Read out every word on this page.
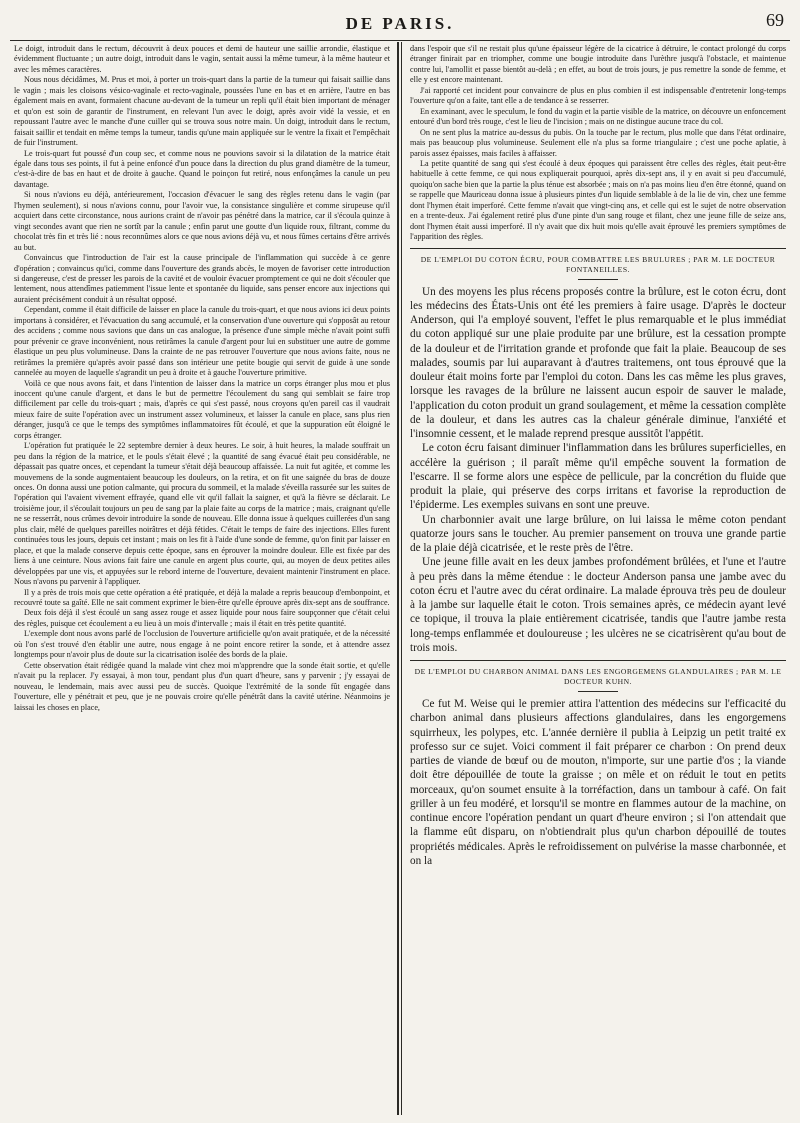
DE PARIS.	69

Le doigt, introduit dans le rectum, découvrit à deux pouces et demi de hauteur une saillie arrondie, élastique et évidemment fluctuante ; un autre doigt, introduit dans le vagin, sentait aussi la même tumeur, à la même hauteur et avec les mêmes caractères.

Nous nous décidâmes, M. Prus et moi, à porter un trois-quart dans la partie de la tumeur qui faisait saillie dans le vagin ; mais les cloisons vésico-vaginale et recto-vaginale, poussées l'une en bas et en arrière, l'autre en bas également mais en avant, formaient chacune au-devant de la tumeur un repli qu'il était bien important de ménager et qu'on est soin de garantir de l'instrument, en relevant l'un avec le doigt, après avoir vidé la vessie, et en repoussant l'autre avec le manche d'une cuiller qui se trouva sous notre main. Un doigt, introduit dans le rectum, faisait saillir et tendait en même temps la tumeur, tandis qu'une main appliquée sur le ventre la fixait et l'empêchait de fuir l'instrument.

Le trois-quart fut poussé d'un coup sec, et comme nous ne pouvions savoir si la dilatation de la matrice était égale dans tous ses points, il fut à peine enfoncé d'un pouce dans la direction du plus grand diamètre de la tumeur, c'est-à-dire de bas en haut et de droite à gauche. Quand le poinçon fut retiré, nous enfonçâmes la canule un peu davantage.

Si nous n'avions eu déjà, antérieurement, l'occasion d'évacuer le sang des règles retenu dans le vagin (par l'hymen seulement), si nous n'avions connu, pour l'avoir vue, la consistance singulière et comme sirupeuse qu'il acquiert dans cette circonstance, nous aurions craint de n'avoir pas pénétré dans la matrice, car il s'écoula quinze à vingt secondes avant que rien ne sortît par la canule ; enfin parut une goutte d'un liquide roux, filtrant, comme du chocolat très fin et très lié : nous reconnûmes alors ce que nous avions déjà vu, et nous fûmes certains d'être arrivés au but.

Convaincus que l'introduction de l'air est la cause principale de l'inflammation qui succède à ce genre d'opération ; convaincus qu'ici, comme dans l'ouverture des grands abcès, le moyen de favoriser cette introduction si dangereuse, c'est de presser les parois de la cavité et de vouloir évacuer promptement ce qui ne doit s'écouler que lentement, nous attendîmes patiemment l'issue lente et spontanée du liquide, sans penser encore aux injections qui auraient précisément conduit à un résultat opposé.

Cependant, comme il était difficile de laisser en place la canule du trois-quart, et que nous avions ici deux points importans à considérer, et l'évacuation du sang accumulé, et la conservation d'une ouverture qui s'opposât au retour des accidens ; comme nous savions que dans un cas analogue, la présence d'une simple mèche n'avait point suffi pour prévenir ce grave inconvénient, nous retirâmes la canule d'argent pour lui en substituer une autre de gomme élastique un peu plus volumineuse. Dans la crainte de ne pas retrouver l'ouverture que nous avions faite, nous ne retirâmes la première qu'après avoir passé dans son intérieur une petite bougie qui servit de guide à une sonde cannelée au moyen de laquelle s'agrandit un peu à droite et à gauche l'ouverture primitive.

Voilà ce que nous avons fait, et dans l'intention de laisser dans la matrice un corps étranger plus mou et plus inoccent qu'une canule d'argent, et dans le but de permettre l'écoulement du sang qui semblait se faire trop difficilement par celle du trois-quart ; mais, d'après ce qui s'est passé, nous croyons qu'en pareil cas il vaudrait mieux faire de suite l'opération avec un instrument assez volumineux, et laisser la canule en place, sans plus rien déranger, jusqu'à ce que le temps des symptômes inflammatoires fût écoulé, et que la suppuration eût éloigné le corps étranger.

L'opération fut pratiquée le 22 septembre dernier à deux heures. Le soir, à huit heures, la malade souffrait un peu dans la région de la matrice, et le pouls s'était élevé ; la quantité de sang évacué était peu considérable, ne dépassait pas quatre onces, et cependant la tumeur s'était déjà beaucoup affaissée. La nuit fut agitée, et comme les mouvemens de la sonde augmentaient beaucoup les douleurs, on la retira, et on fit une saignée du bras de douze onces. On donna aussi une potion calmante, qui procura du sommeil, et la malade s'éveilla rassurée sur les suites de l'opération qui l'avaient vivement effrayée, quand elle vit qu'il fallait la saigner, et qu'à la fièvre se déclarait. Le troisième jour, il s'écoulait toujours un peu de sang par la plaie faite au corps de la matrice ; mais, craignant qu'elle ne se resserrât, nous crûmes devoir introduire la sonde de nouveau. Elle donna issue à quelques cuillerées d'un sang plus clair, mêlé de quelques pareilles noirâtres et déjà fétides. C'était le temps de faire des injections. Elles furent continuées tous les jours, depuis cet instant ; mais on les fit à l'aide d'une sonde de femme, qu'on finit par laisser en place, et que la malade conserve depuis cette époque, sans en éprouver la moindre douleur. Elle est fixée par des liens à une ceinture. Nous avions fait faire une canule en argent plus courte, qui, au moyen de deux petites ailes développées par une vis, et appuyées sur le rebord interne de l'ouverture, devaient maintenir l'instrument en place. Nous n'avons pu parvenir à l'appliquer.

Il y a près de trois mois que cette opération a été pratiquée, et déjà la malade a repris beaucoup d'embonpoint, et recouvré toute sa gaîté. Elle ne sait comment exprimer le bien-être qu'elle éprouve après dix-sept ans de souffrance.

Deux fois déjà il s'est écoulé un sang assez rouge et assez liquide pour nous faire soupçonner que c'était celui des règles, puisque cet écoulement a eu lieu à un mois d'intervalle ; mais il était en très petite quantité.

L'exemple dont nous avons parlé de l'occlusion de l'ouverture artificielle qu'on avait pratiquée, et de la nécessité où l'on s'est trouvé d'en établir une autre, nous engage à ne point encore retirer la sonde, et à attendre assez longtemps pour n'avoir plus de doute sur la cicatrisation isolée des bords de la plaie.

Cette observation était rédigée quand la malade vint chez moi m'apprendre que la sonde était sortie, et qu'elle n'avait pu la replacer. J'y essayai, à mon tour, pendant plus d'un quart d'heure, sans y parvenir ; j'y essayai de nouveau, le lendemain, mais avec aussi peu de succès. Quoique l'extrémité de la sonde fût engagée dans l'ouverture, elle y pénétrait et peu, que je ne pouvais croire qu'elle pénétrât dans la cavité utérine. Néanmoins je laissai les choses en place,

dans l'espoir que s'il ne restait plus qu'une épaisseur légère de la cicatrice à détruire, le contact prolongé du corps étranger finirait par en triompher, comme une bougie introduite dans l'urèthre jusqu'à l'obstacle, et maintenue contre lui, l'amollit et passe bientôt au-delà ; en effet, au bout de trois jours, je pus remettre la sonde de femme, et elle y est encore maintenant.

J'ai rapporté cet incident pour convaincre de plus en plus combien il est indispensable d'entretenir long-temps l'ouverture qu'on a faite, tant elle a de tendance à se resserrer.

En examinant, avec le speculum, le fond du vagin et la partie visible de la matrice, on découvre un enfoncement entouré d'un bord très rouge, c'est le lieu de l'incision ; mais on ne distingue aucune trace du col.

On ne sent plus la matrice au-dessus du pubis. On la touche par le rectum, plus molle que dans l'état ordinaire, mais pas beaucoup plus volumineuse. Seulement elle n'a plus sa forme triangulaire ; c'est une poche aplatie, à parois assez épaisses, mais faciles à affaisser.

La petite quantité de sang qui s'est écoulé à deux époques qui paraissent être celles des règles, était peut-être habituelle à cette femme, ce qui nous expliquerait pourquoi, après dix-sept ans, il y en avait si peu d'accumulé, quoiqu'on sache bien que la partie la plus ténue est absorbée ; mais on n'a pas moins lieu d'en être étonné, quand on se rappelle que Mauriceau donna issue à plusieurs pintes d'un liquide semblable à de la lie de vin, chez une femme dont l'hymen était imperforé. Cette femme n'avait que vingt-cinq ans, et celle qui est le sujet de notre observation en a trente-deux. J'ai également retiré plus d'une pinte d'un sang rouge et filant, chez une jeune fille de seize ans, dont l'hymen était aussi imperforé. Il n'y avait que dix huit mois qu'elle avait éprouvé les premiers symptômes de l'apparition des règles.

DE L'EMPLOI DU COTON ÉCRU, POUR COMBATTRE LES BRULURES ; PAR M. LE DOCTEUR FONTANEILLES.

Un des moyens les plus récens proposés contre la brûlure, est le coton écru, dont les médecins des États-Unis ont été les premiers à faire usage. D'après le docteur Anderson, qui l'a employé souvent, l'effet le plus remarquable et le plus immédiat du coton appliqué sur une plaie produite par une brûlure, est la cessation prompte de la douleur et de l'irritation grande et profonde que fait la plaie. Beaucoup de ses malades, soumis par lui auparavant à d'autres traitemens, ont tous éprouvé que la douleur était moins forte par l'emploi du coton. Dans les cas même les plus graves, lorsque les ravages de la brûlure ne laissent aucun espoir de sauver le malade, l'application du coton produit un grand soulagement, et même la cessation complète de la douleur, et dans les autres cas la chaleur générale diminue, l'anxiété et l'insomnie cessent, et le malade reprend presque aussitôt l'appétit.

Le coton écru faisant diminuer l'inflammation dans les brûlures superficielles, en accélère la guérison ; il paraît même qu'il empêche souvent la formation de l'escarre. Il se forme alors une espèce de pellicule, par la concrétion du fluide que produit la plaie, qui préserve des corps irritans et favorise la reproduction de l'épiderme. Les exemples suivans en sont une preuve.

Un charbonnier avait une large brûlure, on lui laissa le même coton pendant quatorze jours sans le toucher. Au premier pansement on trouva une grande partie de la plaie déjà cicatrisée, et le reste près de l'être.

Une jeune fille avait en les deux jambes profondément brûlées, et l'une et l'autre à peu près dans la même étendue : le docteur Anderson pansa une jambe avec du coton écru et l'autre avec du cérat ordinaire. La malade éprouva très peu de douleur à la jambe sur laquelle était le coton. Trois semaines après, ce médecin ayant levé ce topique, il trouva la plaie entièrement cicatrisée, tandis que l'autre jambe resta long-temps enflammée et douloureuse ; les ulcères ne se cicatrisèrent qu'au bout de trois mois.

DE L'EMPLOI DU CHARBON ANIMAL DANS LES ENGORGEMENS GLANDULAIRES ; PAR M. LE DOCTEUR KUHN.

Ce fut M. Weise qui le premier attira l'attention des médecins sur l'efficacité du charbon animal dans plusieurs affections glandulaires, dans les engorgemens squirrheux, les polypes, etc. L'année dernière il publia à Leipzig un petit traité ex professo sur ce sujet. Voici comment il fait préparer ce charbon : On prend deux parties de viande de bœuf ou de mouton, n'importe, sur une partie d'os ; la viande doit être dépouillée de toute la graisse ; on mêle et on réduit le tout en petits morceaux, qu'on soumet ensuite à la torréfaction, dans un tambour à café. On fait griller à un feu modéré, et lorsqu'il se montre en flammes autour de la machine, on continue encore l'opération pendant un quart d'heure environ ; si l'on attendait que la flamme eût disparu, on n'obtiendrait plus qu'un charbon dépouillé de toutes propriétés médicales. Après le refroidissement on pulvérise la masse charbonnée, et on la
